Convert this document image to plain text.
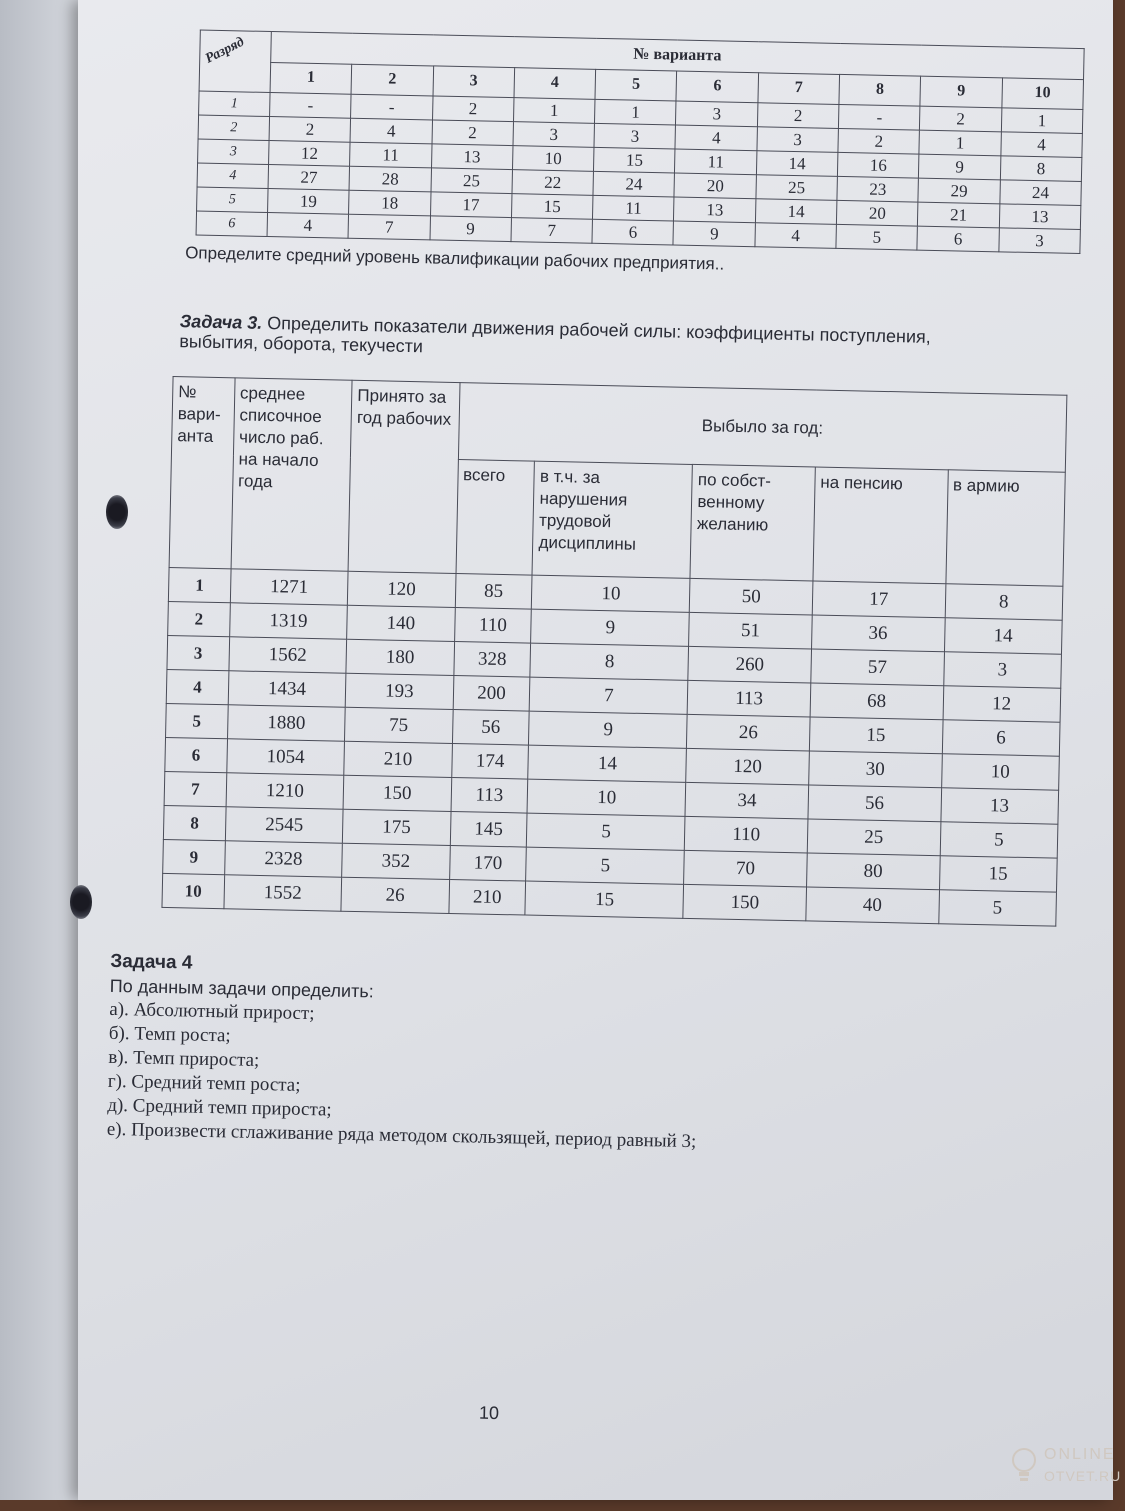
Разряд	№ варианта									
	1	2	3	4	5	6	7	8	9	10
1	-	-	2	1	1	3	2	-	2	1
2	2	4	2	3	3	4	3	2	1	4
3	12	11	13	10	15	11	14	16	9	8
4	27	28	25	22	24	20	25	23	29	24
5	19	18	17	15	11	13	14	20	21	13
6	4	7	9	7	6	9	4	5	6	3
Определите средний уровень квалификации рабочих предприятия..
Задача 3. Определить показатели движения рабочей силы: коэффициенты поступления, выбытия, оборота, текучести
№ вари-анта	среднее списочное число раб. на начало года	Принято за год рабочих	Выбыло за год:				
			всего	в т.ч. за нарушения трудовой дисциплины	по собст-венному желанию	на пенсию	в армию
1	1271	120	85	10	50	17	8
2	1319	140	110	9	51	36	14
3	1562	180	328	8	260	57	3
4	1434	193	200	7	113	68	12
5	1880	75	56	9	26	15	6
6	1054	210	174	14	120	30	10
7	1210	150	113	10	34	56	13
8	2545	175	145	5	110	25	5
9	2328	352	170	5	70	80	15
10	1552	26	210	15	150	40	5
Задача 4
По данным задачи определить:
а). Абсолютный прирост;
б). Темп роста;
в). Темп прироста;
г). Средний темп роста;
д). Средний темп прироста;
е). Произвести сглаживание ряда методом скользящей, период равный 3;
10
ONLINE
OTVET.RU
